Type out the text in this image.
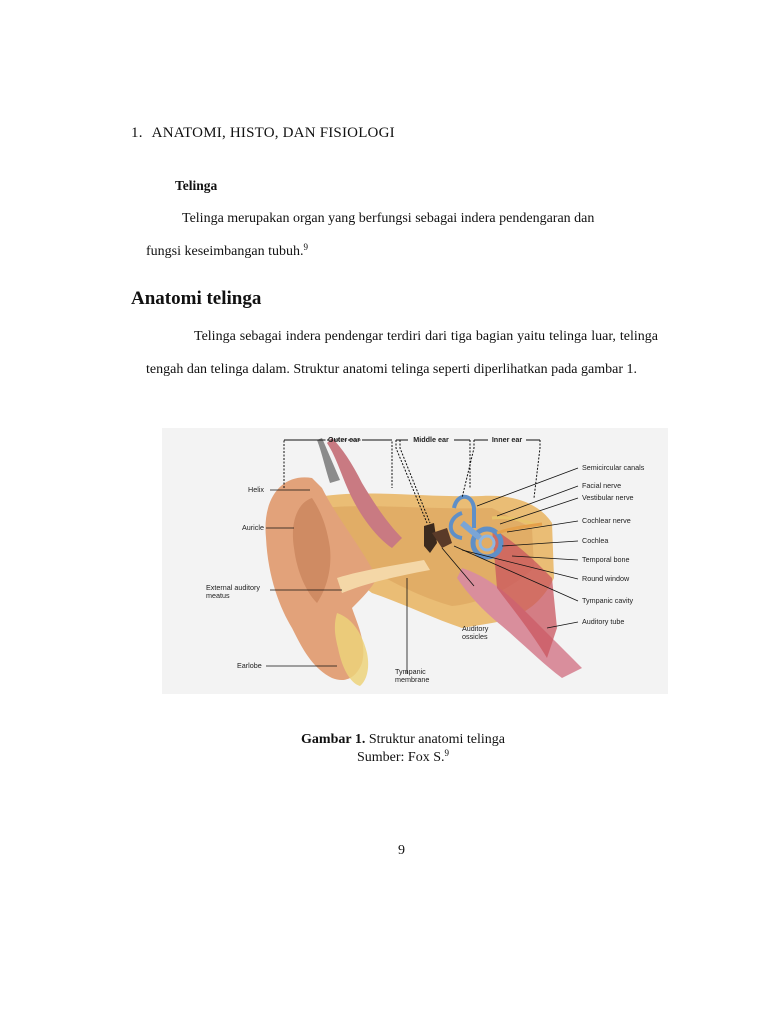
1. ANATOMI, HISTO, DAN FISIOLOGI
Telinga
Telinga merupakan organ yang berfungsi sebagai indera pendengaran dan
fungsi keseimbangan tubuh.$^9$
Anatomi telinga
Telinga sebagai indera pendengar terdiri dari tiga bagian yaitu telinga luar, telinga tengah dan telinga dalam. Struktur anatomi telinga seperti diperlihatkan pada gambar 1.
Outer ear	Middle ear	Inner ear
Helix
Auricle
External auditory
meatus
Earlobe
Auditory
ossicles
Tympanic
membrane
Semicircular canals
Facial nerve
Vestibular nerve
Cochlear nerve
Cochlea
Temporal bone
Round window
Tympanic cavity
Auditory tube
Gambar 1. Struktur anatomi telinga
Sumber: Fox S.$^9$
9
